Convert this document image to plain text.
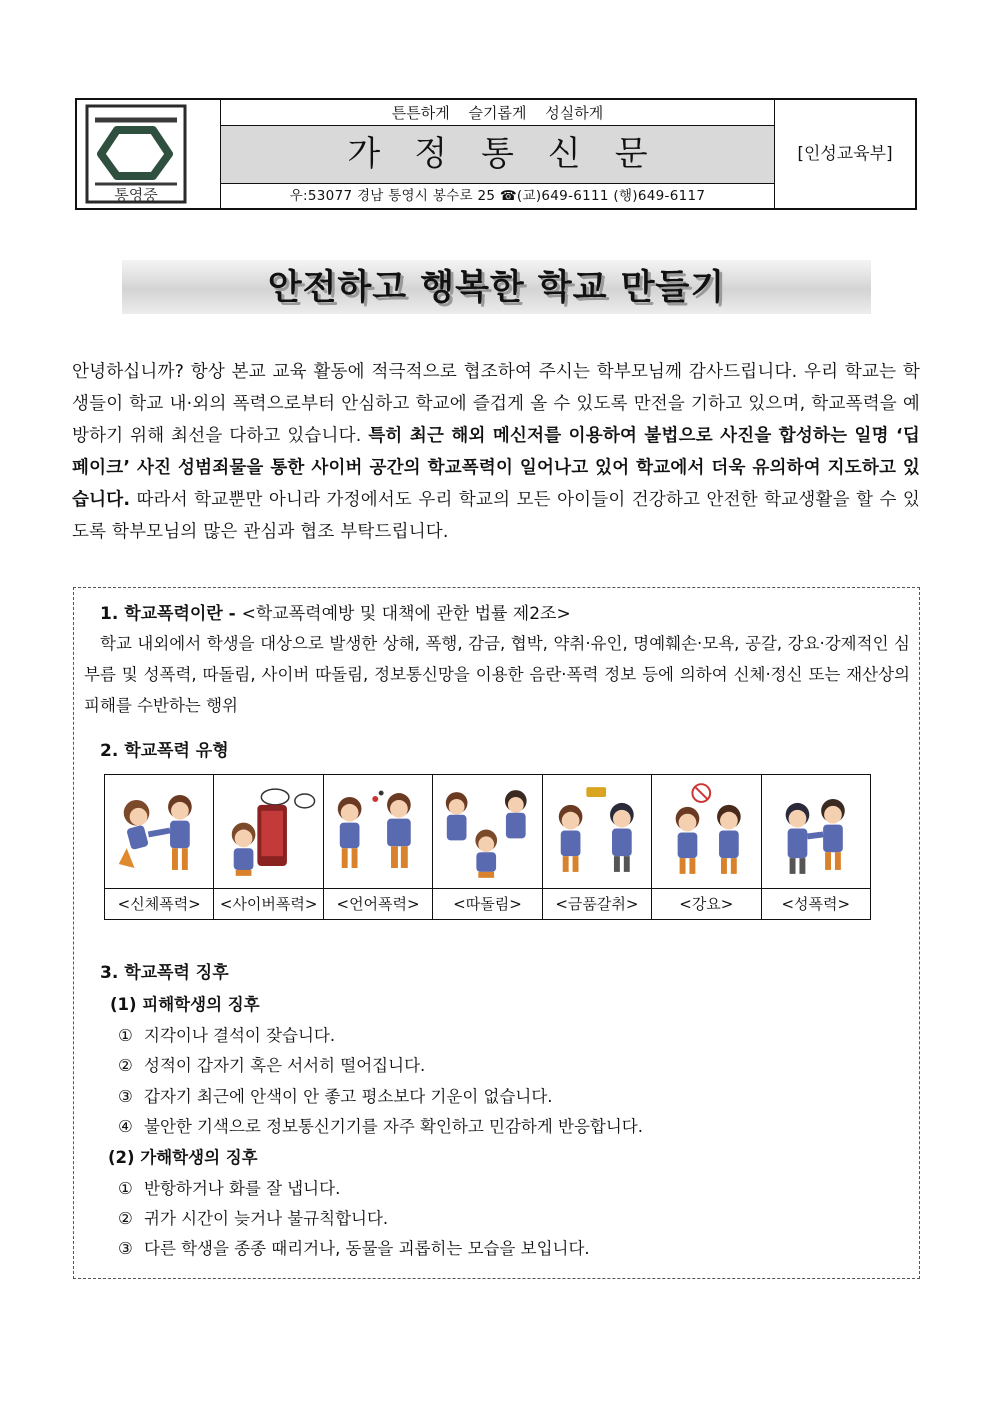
통영중
튼튼하게 슬기롭게 성실하게
가정통신문
우:53077 경남 통영시 봉수로 25 ☎(교)649-6111 (행)649-6117
[인성교육부]
안전하고 행복한 학교 만들기
안녕하십니까? 항상 본교 교육 활동에 적극적으로 협조하여 주시는 학부모님께 감사드립니다. 우리 학교는 학생들이 학교 내·외의 폭력으로부터 안심하고 학교에 즐겁게 올 수 있도록 만전을 기하고 있으며, 학교폭력을 예방하기 위해 최선을 다하고 있습니다. 특히 최근 해외 메신저를 이용하여 불법으로 사진을 합성하는 일명 ‘딥페이크’ 사진 성범죄물을 통한 사이버 공간의 학교폭력이 일어나고 있어 학교에서 더욱 유의하여 지도하고 있습니다. 따라서 학교뿐만 아니라 가정에서도 우리 학교의 모든 아이들이 건강하고 안전한 학교생활을 할 수 있도록 학부모님의 많은 관심과 협조 부탁드립니다.
1. 학교폭력이란 - <학교폭력예방 및 대책에 관한 법률 제2조>
학교 내외에서 학생을 대상으로 발생한 상해, 폭행, 감금, 협박, 약취·유인, 명예훼손·모욕, 공갈, 강요·강제적인 심부름 및 성폭력, 따돌림, 사이버 따돌림, 정보통신망을 이용한 음란·폭력 정보 등에 의하여 신체·정신 또는 재산상의 피해를 수반하는 행위
2. 학교폭력 유형
<신체폭력>	<사이버폭력>	<언어폭력>	<따돌림>	<금품갈취>	<강요>	<성폭력>
3. 학교폭력 징후
(1) 피해학생의 징후
① 지각이나 결석이 잦습니다.
② 성적이 갑자기 혹은 서서히 떨어집니다.
③ 갑자기 최근에 안색이 안 좋고 평소보다 기운이 없습니다.
④ 불안한 기색으로 정보통신기기를 자주 확인하고 민감하게 반응합니다.
(2) 가해학생의 징후
① 반항하거나 화를 잘 냅니다.
② 귀가 시간이 늦거나 불규칙합니다.
③ 다른 학생을 종종 때리거나, 동물을 괴롭히는 모습을 보입니다.
